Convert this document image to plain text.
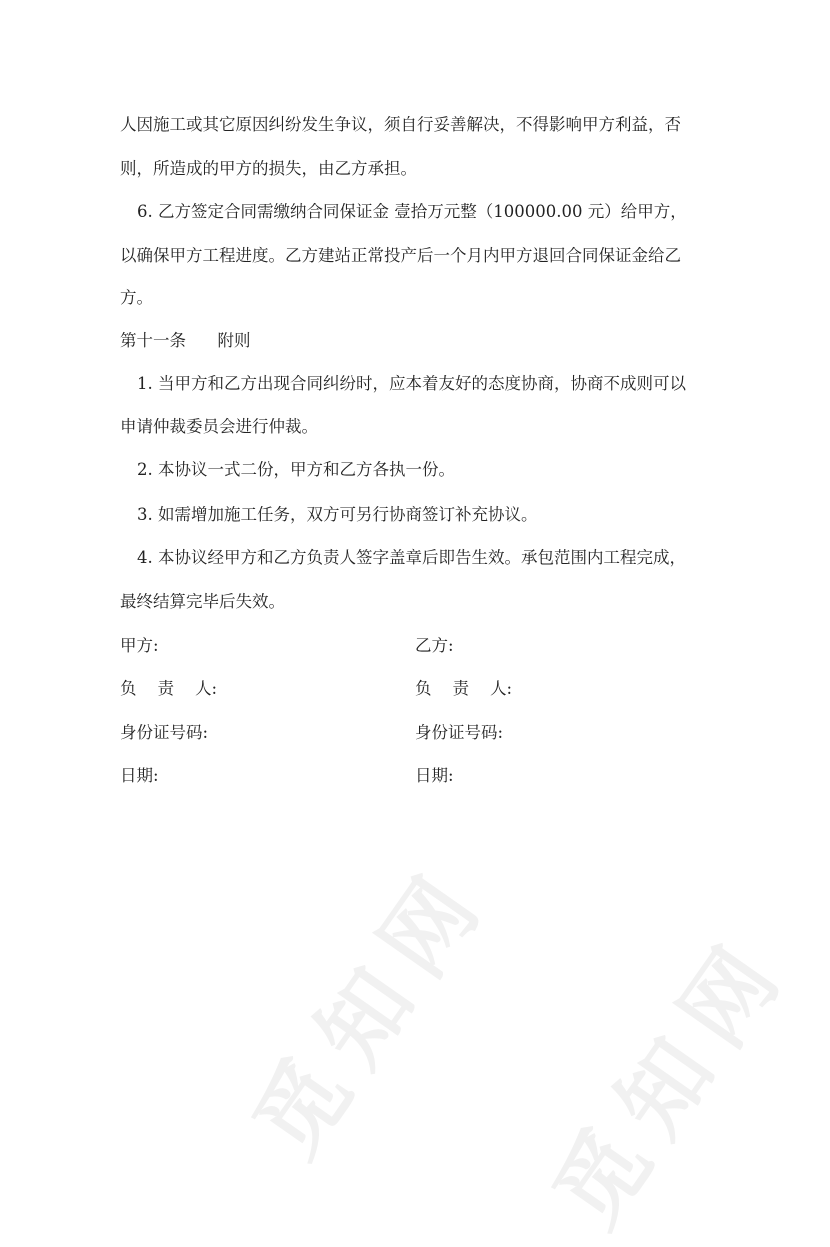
觅知网 觅知网
人因施工或其它原因纠纷发生争议，须自行妥善解决，不得影响甲方利益，否
则，所造成的甲方的损失，由乙方承担。
6. 乙方签定合同需缴纳合同保证金 壹拾万元整（100000.00 元）给甲方，
以确保甲方工程进度。乙方建站正常投产后一个月内甲方退回合同保证金给乙
方。
第十一条      附则
1. 当甲方和乙方出现合同纠纷时，应本着友好的态度协商，协商不成则可以
申请仲裁委员会进行仲裁。
2. 本协议一式二份，甲方和乙方各执一份。
3. 如需增加施工任务，双方可另行协商签订补充协议。
4. 本协议经甲方和乙方负责人签字盖章后即告生效。承包范围内工程完成，
最终结算完毕后失效。
甲方:
负    责    人:
身份证号码:
日期:
乙方:
负    责    人:
身份证号码:
日期:
